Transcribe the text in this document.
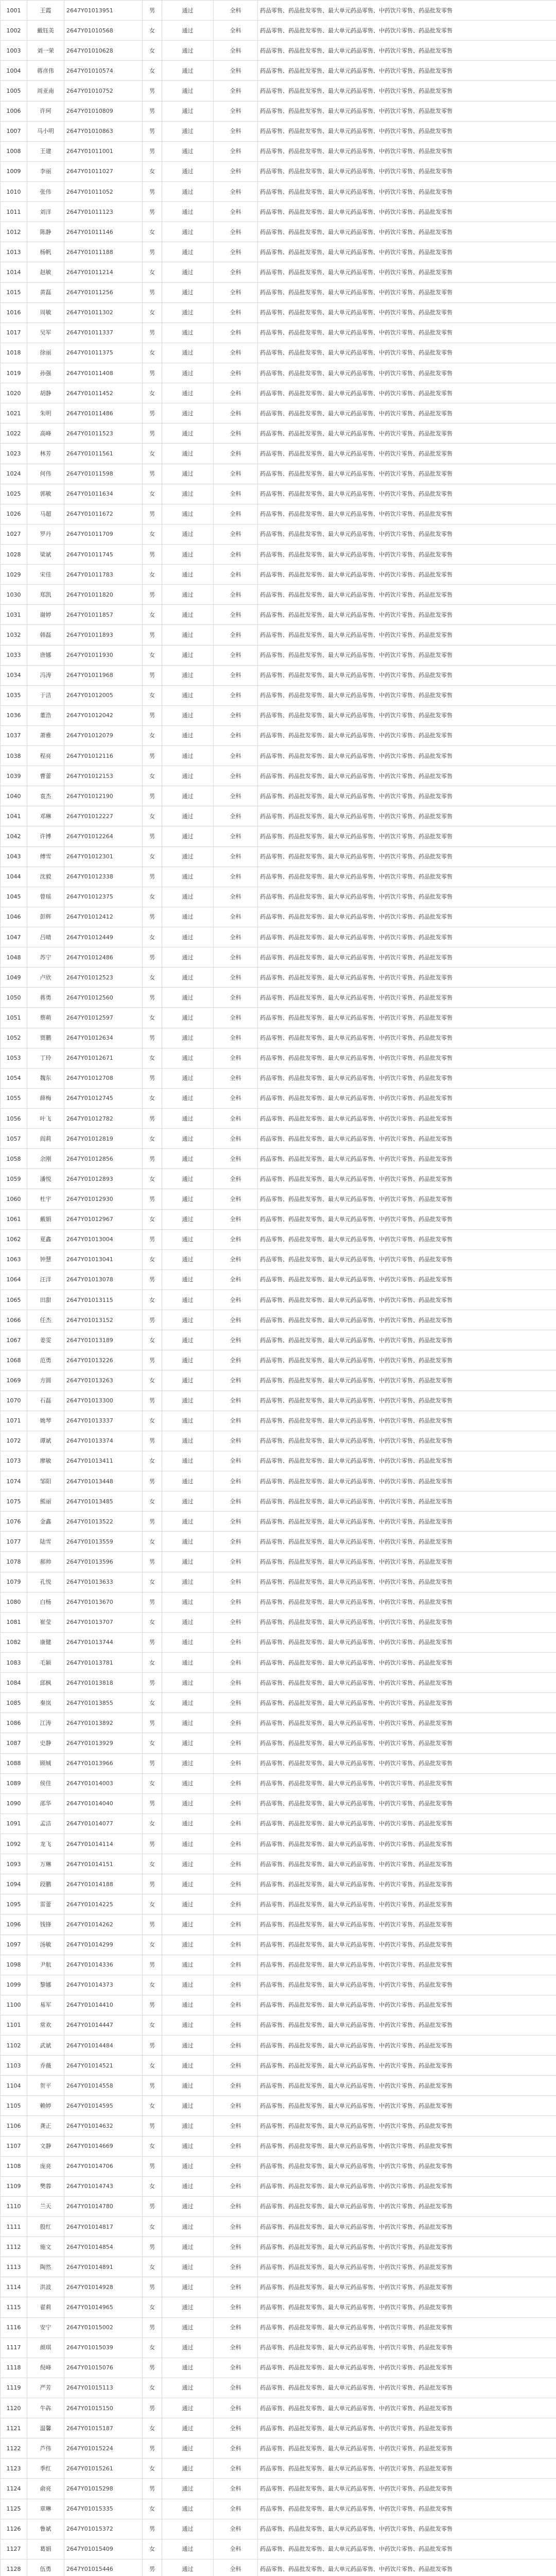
1001	王霞	2647Y01013951	男	通过	全科	药品零售、药品批发零售、最大单元药品零售、中药饮片零售、药品批发零售
1002	戴钰美	2647Y01010568	女	通过	全科	药品零售、药品批发零售、最大单元药品零售、中药饮片零售、药品批发零售
1003	刘一荣	2647Y01010628	女	通过	全科	药品零售、药品批发零售、最大单元药品零售、中药饮片零售、药品批发零售
1004	蒋彦伟	2647Y01010574	女	通过	全科	药品零售、药品批发零售、最大单元药品零售、中药饮片零售、药品批发零售
1005	周亚南	2647Y01010752	男	通过	全科	药品零售、药品批发零售、最大单元药品零售、中药饮片零售、药品批发零售
1006	许珂	2647Y01010809	男	通过	全科	药品零售、药品批发零售、最大单元药品零售、中药饮片零售、药品批发零售
1007	马小明	2647Y01010863	男	通过	全科	药品零售、药品批发零售、最大单元药品零售、中药饮片零售、药品批发零售
1008	王建	2647Y01011001	男	通过	全科	药品零售、药品批发零售、最大单元药品零售、中药饮片零售、药品批发零售
1009	李丽	2647Y01011027	女	通过	全科	药品零售、药品批发零售、最大单元药品零售、中药饮片零售、药品批发零售
1010	张伟	2647Y01011052	男	通过	全科	药品零售、药品批发零售、最大单元药品零售、中药饮片零售、药品批发零售
1011	刘洋	2647Y01011123	男	通过	全科	药品零售、药品批发零售、最大单元药品零售、中药饮片零售、药品批发零售
1012	陈静	2647Y01011146	女	通过	全科	药品零售、药品批发零售、最大单元药品零售、中药饮片零售、药品批发零售
1013	杨帆	2647Y01011188	男	通过	全科	药品零售、药品批发零售、最大单元药品零售、中药饮片零售、药品批发零售
1014	赵敏	2647Y01011214	女	通过	全科	药品零售、药品批发零售、最大单元药品零售、中药饮片零售、药品批发零售
1015	黄磊	2647Y01011256	男	通过	全科	药品零售、药品批发零售、最大单元药品零售、中药饮片零售、药品批发零售
1016	周敏	2647Y01011302	女	通过	全科	药品零售、药品批发零售、最大单元药品零售、中药饮片零售、药品批发零售
1017	吴军	2647Y01011337	男	通过	全科	药品零售、药品批发零售、最大单元药品零售、中药饮片零售、药品批发零售
1018	徐丽	2647Y01011375	女	通过	全科	药品零售、药品批发零售、最大单元药品零售、中药饮片零售、药品批发零售
1019	孙强	2647Y01011408	男	通过	全科	药品零售、药品批发零售、最大单元药品零售、中药饮片零售、药品批发零售
1020	胡静	2647Y01011452	女	通过	全科	药品零售、药品批发零售、最大单元药品零售、中药饮片零售、药品批发零售
1021	朱明	2647Y01011486	男	通过	全科	药品零售、药品批发零售、最大单元药品零售、中药饮片零售、药品批发零售
1022	高峰	2647Y01011523	男	通过	全科	药品零售、药品批发零售、最大单元药品零售、中药饮片零售、药品批发零售
1023	林芳	2647Y01011561	女	通过	全科	药品零售、药品批发零售、最大单元药品零售、中药饮片零售、药品批发零售
1024	何伟	2647Y01011598	男	通过	全科	药品零售、药品批发零售、最大单元药品零售、中药饮片零售、药品批发零售
1025	郭敏	2647Y01011634	女	通过	全科	药品零售、药品批发零售、最大单元药品零售、中药饮片零售、药品批发零售
1026	马超	2647Y01011672	男	通过	全科	药品零售、药品批发零售、最大单元药品零售、中药饮片零售、药品批发零售
1027	罗丹	2647Y01011709	女	通过	全科	药品零售、药品批发零售、最大单元药品零售、中药饮片零售、药品批发零售
1028	梁斌	2647Y01011745	男	通过	全科	药品零售、药品批发零售、最大单元药品零售、中药饮片零售、药品批发零售
1029	宋佳	2647Y01011783	女	通过	全科	药品零售、药品批发零售、最大单元药品零售、中药饮片零售、药品批发零售
1030	郑凯	2647Y01011820	男	通过	全科	药品零售、药品批发零售、最大单元药品零售、中药饮片零售、药品批发零售
1031	谢婷	2647Y01011857	女	通过	全科	药品零售、药品批发零售、最大单元药品零售、中药饮片零售、药品批发零售
1032	韩磊	2647Y01011893	男	通过	全科	药品零售、药品批发零售、最大单元药品零售、中药饮片零售、药品批发零售
1033	唐娜	2647Y01011930	女	通过	全科	药品零售、药品批发零售、最大单元药品零售、中药饮片零售、药品批发零售
1034	冯涛	2647Y01011968	男	通过	全科	药品零售、药品批发零售、最大单元药品零售、中药饮片零售、药品批发零售
1035	于洁	2647Y01012005	女	通过	全科	药品零售、药品批发零售、最大单元药品零售、中药饮片零售、药品批发零售
1036	董浩	2647Y01012042	男	通过	全科	药品零售、药品批发零售、最大单元药品零售、中药饮片零售、药品批发零售
1037	萧雅	2647Y01012079	女	通过	全科	药品零售、药品批发零售、最大单元药品零售、中药饮片零售、药品批发零售
1038	程亮	2647Y01012116	男	通过	全科	药品零售、药品批发零售、最大单元药品零售、中药饮片零售、药品批发零售
1039	曹蕾	2647Y01012153	女	通过	全科	药品零售、药品批发零售、最大单元药品零售、中药饮片零售、药品批发零售
1040	袁杰	2647Y01012190	男	通过	全科	药品零售、药品批发零售、最大单元药品零售、中药饮片零售、药品批发零售
1041	邓琳	2647Y01012227	女	通过	全科	药品零售、药品批发零售、最大单元药品零售、中药饮片零售、药品批发零售
1042	许博	2647Y01012264	男	通过	全科	药品零售、药品批发零售、最大单元药品零售、中药饮片零售、药品批发零售
1043	傅雪	2647Y01012301	女	通过	全科	药品零售、药品批发零售、最大单元药品零售、中药饮片零售、药品批发零售
1044	沈毅	2647Y01012338	男	通过	全科	药品零售、药品批发零售、最大单元药品零售、中药饮片零售、药品批发零售
1045	曾瑶	2647Y01012375	女	通过	全科	药品零售、药品批发零售、最大单元药品零售、中药饮片零售、药品批发零售
1046	彭辉	2647Y01012412	男	通过	全科	药品零售、药品批发零售、最大单元药品零售、中药饮片零售、药品批发零售
1047	吕晴	2647Y01012449	女	通过	全科	药品零售、药品批发零售、最大单元药品零售、中药饮片零售、药品批发零售
1048	苏宁	2647Y01012486	男	通过	全科	药品零售、药品批发零售、最大单元药品零售、中药饮片零售、药品批发零售
1049	卢欣	2647Y01012523	女	通过	全科	药品零售、药品批发零售、最大单元药品零售、中药饮片零售、药品批发零售
1050	蒋勇	2647Y01012560	男	通过	全科	药品零售、药品批发零售、最大单元药品零售、中药饮片零售、药品批发零售
1051	蔡萌	2647Y01012597	女	通过	全科	药品零售、药品批发零售、最大单元药品零售、中药饮片零售、药品批发零售
1052	贾鹏	2647Y01012634	男	通过	全科	药品零售、药品批发零售、最大单元药品零售、中药饮片零售、药品批发零售
1053	丁玲	2647Y01012671	女	通过	全科	药品零售、药品批发零售、最大单元药品零售、中药饮片零售、药品批发零售
1054	魏东	2647Y01012708	男	通过	全科	药品零售、药品批发零售、最大单元药品零售、中药饮片零售、药品批发零售
1055	薛梅	2647Y01012745	女	通过	全科	药品零售、药品批发零售、最大单元药品零售、中药饮片零售、药品批发零售
1056	叶飞	2647Y01012782	男	通过	全科	药品零售、药品批发零售、最大单元药品零售、中药饮片零售、药品批发零售
1057	阎莉	2647Y01012819	女	通过	全科	药品零售、药品批发零售、最大单元药品零售、中药饮片零售、药品批发零售
1058	余刚	2647Y01012856	男	通过	全科	药品零售、药品批发零售、最大单元药品零售、中药饮片零售、药品批发零售
1059	潘悦	2647Y01012893	女	通过	全科	药品零售、药品批发零售、最大单元药品零售、中药饮片零售、药品批发零售
1060	杜宇	2647Y01012930	男	通过	全科	药品零售、药品批发零售、最大单元药品零售、中药饮片零售、药品批发零售
1061	戴娟	2647Y01012967	女	通过	全科	药品零售、药品批发零售、最大单元药品零售、中药饮片零售、药品批发零售
1062	夏鑫	2647Y01013004	男	通过	全科	药品零售、药品批发零售、最大单元药品零售、中药饮片零售、药品批发零售
1063	钟慧	2647Y01013041	女	通过	全科	药品零售、药品批发零售、最大单元药品零售、中药饮片零售、药品批发零售
1064	汪洋	2647Y01013078	男	通过	全科	药品零售、药品批发零售、最大单元药品零售、中药饮片零售、药品批发零售
1065	田甜	2647Y01013115	女	通过	全科	药品零售、药品批发零售、最大单元药品零售、中药饮片零售、药品批发零售
1066	任杰	2647Y01013152	男	通过	全科	药品零售、药品批发零售、最大单元药品零售、中药饮片零售、药品批发零售
1067	姜雯	2647Y01013189	女	通过	全科	药品零售、药品批发零售、最大单元药品零售、中药饮片零售、药品批发零售
1068	范勇	2647Y01013226	男	通过	全科	药品零售、药品批发零售、最大单元药品零售、中药饮片零售、药品批发零售
1069	方圆	2647Y01013263	女	通过	全科	药品零售、药品批发零售、最大单元药品零售、中药饮片零售、药品批发零售
1070	石磊	2647Y01013300	男	通过	全科	药品零售、药品批发零售、最大单元药品零售、中药饮片零售、药品批发零售
1071	姚琴	2647Y01013337	女	通过	全科	药品零售、药品批发零售、最大单元药品零售、中药饮片零售、药品批发零售
1072	谭斌	2647Y01013374	男	通过	全科	药品零售、药品批发零售、最大单元药品零售、中药饮片零售、药品批发零售
1073	廖敏	2647Y01013411	女	通过	全科	药品零售、药品批发零售、最大单元药品零售、中药饮片零售、药品批发零售
1074	邹阳	2647Y01013448	男	通过	全科	药品零售、药品批发零售、最大单元药品零售、中药饮片零售、药品批发零售
1075	熊丽	2647Y01013485	女	通过	全科	药品零售、药品批发零售、最大单元药品零售、中药饮片零售、药品批发零售
1076	金鑫	2647Y01013522	男	通过	全科	药品零售、药品批发零售、最大单元药品零售、中药饮片零售、药品批发零售
1077	陆雪	2647Y01013559	女	通过	全科	药品零售、药品批发零售、最大单元药品零售、中药饮片零售、药品批发零售
1078	郝帅	2647Y01013596	男	通过	全科	药品零售、药品批发零售、最大单元药品零售、中药饮片零售、药品批发零售
1079	孔悦	2647Y01013633	女	通过	全科	药品零售、药品批发零售、最大单元药品零售、中药饮片零售、药品批发零售
1080	白杨	2647Y01013670	男	通过	全科	药品零售、药品批发零售、最大单元药品零售、中药饮片零售、药品批发零售
1081	崔莹	2647Y01013707	女	通过	全科	药品零售、药品批发零售、最大单元药品零售、中药饮片零售、药品批发零售
1082	康健	2647Y01013744	男	通过	全科	药品零售、药品批发零售、最大单元药品零售、中药饮片零售、药品批发零售
1083	毛颖	2647Y01013781	女	通过	全科	药品零售、药品批发零售、最大单元药品零售、中药饮片零售、药品批发零售
1084	邱枫	2647Y01013818	男	通过	全科	药品零售、药品批发零售、最大单元药品零售、中药饮片零售、药品批发零售
1085	秦岚	2647Y01013855	女	通过	全科	药品零售、药品批发零售、最大单元药品零售、中药饮片零售、药品批发零售
1086	江涛	2647Y01013892	男	通过	全科	药品零售、药品批发零售、最大单元药品零售、中药饮片零售、药品批发零售
1087	史静	2647Y01013929	女	通过	全科	药品零售、药品批发零售、最大单元药品零售、中药饮片零售、药品批发零售
1088	顾城	2647Y01013966	男	通过	全科	药品零售、药品批发零售、最大单元药品零售、中药饮片零售、药品批发零售
1089	侯佳	2647Y01014003	女	通过	全科	药品零售、药品批发零售、最大单元药品零售、中药饮片零售、药品批发零售
1090	邵华	2647Y01014040	男	通过	全科	药品零售、药品批发零售、最大单元药品零售、中药饮片零售、药品批发零售
1091	孟洁	2647Y01014077	女	通过	全科	药品零售、药品批发零售、最大单元药品零售、中药饮片零售、药品批发零售
1092	龙飞	2647Y01014114	男	通过	全科	药品零售、药品批发零售、最大单元药品零售、中药饮片零售、药品批发零售
1093	万琳	2647Y01014151	女	通过	全科	药品零售、药品批发零售、最大单元药品零售、中药饮片零售、药品批发零售
1094	段鹏	2647Y01014188	男	通过	全科	药品零售、药品批发零售、最大单元药品零售、中药饮片零售、药品批发零售
1095	雷蕾	2647Y01014225	女	通过	全科	药品零售、药品批发零售、最大单元药品零售、中药饮片零售、药品批发零售
1096	钱锋	2647Y01014262	男	通过	全科	药品零售、药品批发零售、最大单元药品零售、中药饮片零售、药品批发零售
1097	汤敏	2647Y01014299	女	通过	全科	药品零售、药品批发零售、最大单元药品零售、中药饮片零售、药品批发零售
1098	尹航	2647Y01014336	男	通过	全科	药品零售、药品批发零售、最大单元药品零售、中药饮片零售、药品批发零售
1099	黎娜	2647Y01014373	女	通过	全科	药品零售、药品批发零售、最大单元药品零售、中药饮片零售、药品批发零售
1100	易军	2647Y01014410	男	通过	全科	药品零售、药品批发零售、最大单元药品零售、中药饮片零售、药品批发零售
1101	常欢	2647Y01014447	女	通过	全科	药品零售、药品批发零售、最大单元药品零售、中药饮片零售、药品批发零售
1102	武斌	2647Y01014484	男	通过	全科	药品零售、药品批发零售、最大单元药品零售、中药饮片零售、药品批发零售
1103	乔薇	2647Y01014521	女	通过	全科	药品零售、药品批发零售、最大单元药品零售、中药饮片零售、药品批发零售
1104	贺平	2647Y01014558	男	通过	全科	药品零售、药品批发零售、最大单元药品零售、中药饮片零售、药品批发零售
1105	赖婷	2647Y01014595	女	通过	全科	药品零售、药品批发零售、最大单元药品零售、中药饮片零售、药品批发零售
1106	龚正	2647Y01014632	男	通过	全科	药品零售、药品批发零售、最大单元药品零售、中药饮片零售、药品批发零售
1107	文静	2647Y01014669	女	通过	全科	药品零售、药品批发零售、最大单元药品零售、中药饮片零售、药品批发零售
1108	庞亮	2647Y01014706	男	通过	全科	药品零售、药品批发零售、最大单元药品零售、中药饮片零售、药品批发零售
1109	樊蓉	2647Y01014743	女	通过	全科	药品零售、药品批发零售、最大单元药品零售、中药饮片零售、药品批发零售
1110	兰天	2647Y01014780	男	通过	全科	药品零售、药品批发零售、最大单元药品零售、中药饮片零售、药品批发零售
1111	殷红	2647Y01014817	女	通过	全科	药品零售、药品批发零售、最大单元药品零售、中药饮片零售、药品批发零售
1112	施文	2647Y01014854	男	通过	全科	药品零售、药品批发零售、最大单元药品零售、中药饮片零售、药品批发零售
1113	陶然	2647Y01014891	女	通过	全科	药品零售、药品批发零售、最大单元药品零售、中药饮片零售、药品批发零售
1114	洪波	2647Y01014928	男	通过	全科	药品零售、药品批发零售、最大单元药品零售、中药饮片零售、药品批发零售
1115	翟莉	2647Y01014965	女	通过	全科	药品零售、药品批发零售、最大单元药品零售、中药饮片零售、药品批发零售
1116	安宁	2647Y01015002	男	通过	全科	药品零售、药品批发零售、最大单元药品零售、中药饮片零售、药品批发零售
1117	颜琪	2647Y01015039	女	通过	全科	药品零售、药品批发零售、最大单元药品零售、中药饮片零售、药品批发零售
1118	倪峰	2647Y01015076	男	通过	全科	药品零售、药品批发零售、最大单元药品零售、中药饮片零售、药品批发零售
1119	严芳	2647Y01015113	女	通过	全科	药品零售、药品批发零售、最大单元药品零售、中药饮片零售、药品批发零售
1120	牛犇	2647Y01015150	男	通过	全科	药品零售、药品批发零售、最大单元药品零售、中药饮片零售、药品批发零售
1121	温馨	2647Y01015187	女	通过	全科	药品零售、药品批发零售、最大单元药品零售、中药饮片零售、药品批发零售
1122	芦伟	2647Y01015224	男	通过	全科	药品零售、药品批发零售、最大单元药品零售、中药饮片零售、药品批发零售
1123	季红	2647Y01015261	女	通过	全科	药品零售、药品批发零售、最大单元药品零售、中药饮片零售、药品批发零售
1124	俞亮	2647Y01015298	男	通过	全科	药品零售、药品批发零售、最大单元药品零售、中药饮片零售、药品批发零售
1125	章琳	2647Y01015335	女	通过	全科	药品零售、药品批发零售、最大单元药品零售、中药饮片零售、药品批发零售
1126	鲁斌	2647Y01015372	男	通过	全科	药品零售、药品批发零售、最大单元药品零售、中药饮片零售、药品批发零售
1127	葛娟	2647Y01015409	女	通过	全科	药品零售、药品批发零售、最大单元药品零售、中药饮片零售、药品批发零售
1128	伍勇	2647Y01015446	男	通过	全科	药品零售、药品批发零售、最大单元药品零售、中药饮片零售、药品批发零售
